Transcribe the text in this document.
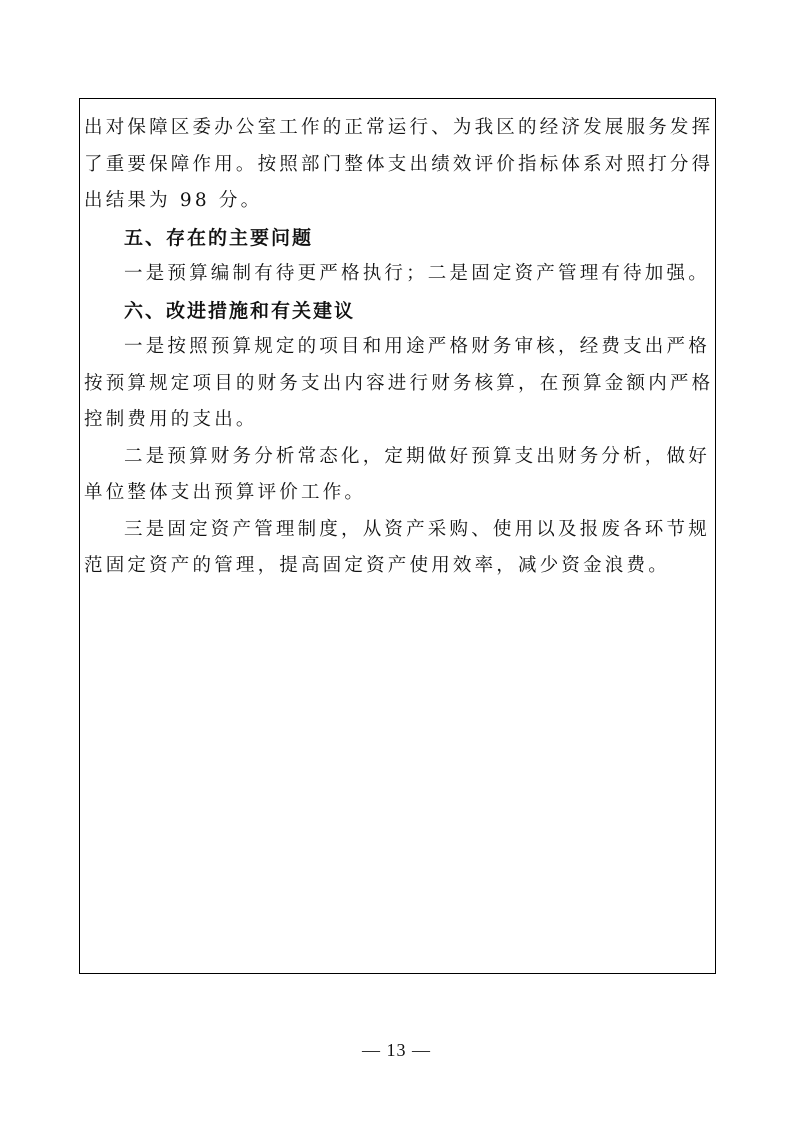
出对保障区委办公室工作的正常运行、为我区的经济发展服务发挥
了重要保障作用。按照部门整体支出绩效评价指标体系对照打分得
出结果为 98 分。
五、存在的主要问题
一是预算编制有待更严格执行；二是固定资产管理有待加强。
六、改进措施和有关建议
一是按照预算规定的项目和用途严格财务审核，经费支出严格
按预算规定项目的财务支出内容进行财务核算，在预算金额内严格
控制费用的支出。
二是预算财务分析常态化，定期做好预算支出财务分析，做好
单位整体支出预算评价工作。
三是固定资产管理制度，从资产采购、使用以及报废各环节规
范固定资产的管理，提高固定资产使用效率，减少资金浪费。
— 13 —
